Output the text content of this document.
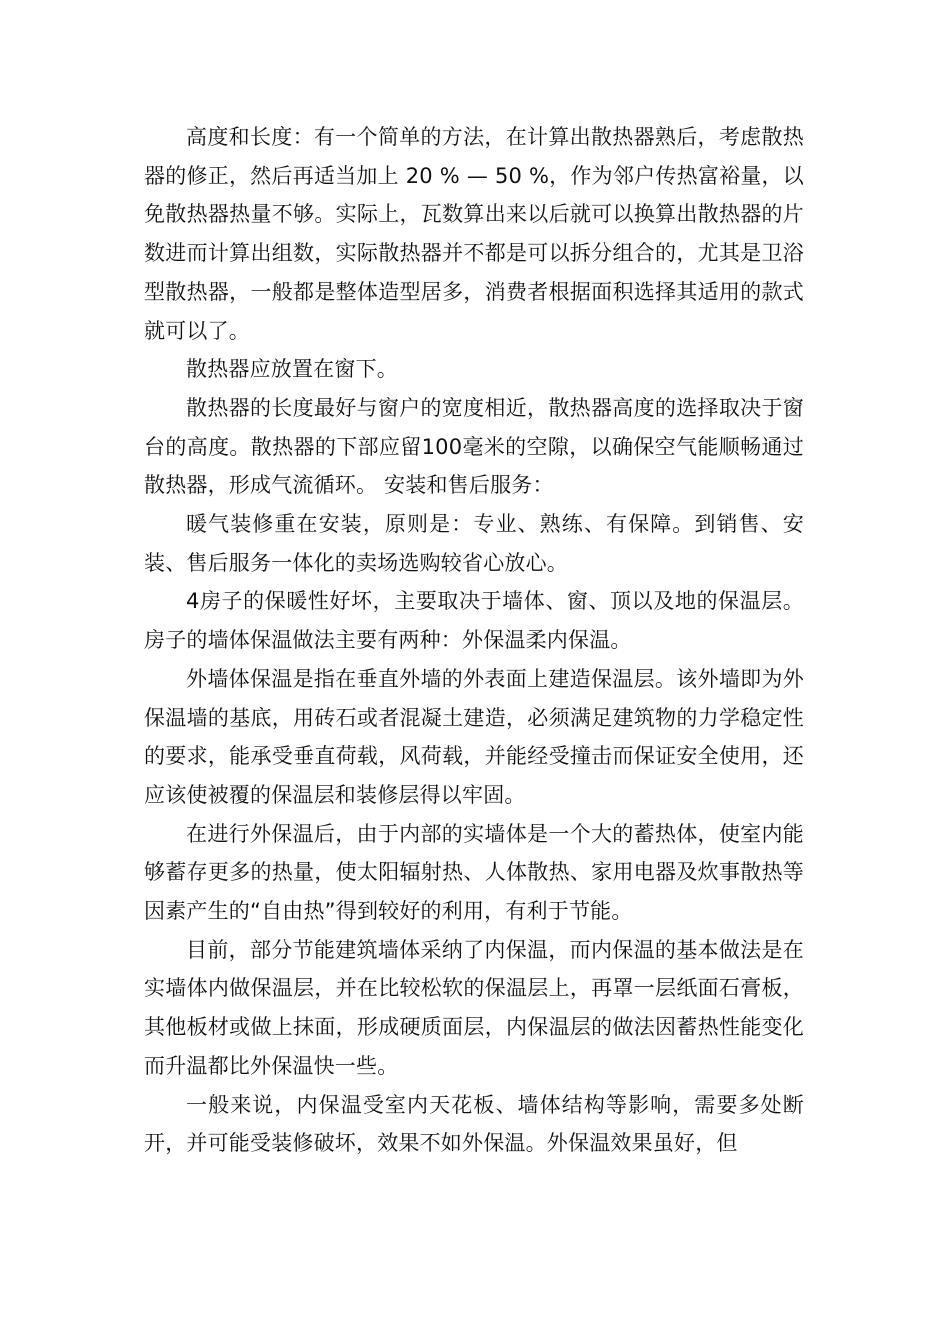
高度和长度：有一个简单的方法，在计算出散热器熟后，考虑散热器的修正，然后再适当加上 20 % — 50 %，作为邻户传热富裕量，以免散热器热量不够。实际上，瓦数算出来以后就可以换算出散热器的片数进而计算出组数，实际散热器并不都是可以拆分组合的，尤其是卫浴型散热器，一般都是整体造型居多，消费者根据面积选择其适用的款式就可以了。

散热器应放置在窗下。

散热器的长度最好与窗户的宽度相近，散热器高度的选择取决于窗台的高度。散热器的下部应留100毫米的空隙，以确保空气能顺畅通过散热器，形成气流循环。 安装和售后服务：

暖气装修重在安装，原则是：专业、熟练、有保障。到销售、安装、售后服务一体化的卖场选购较省心放心。

4房子的保暖性好坏，主要取决于墙体、窗、顶以及地的保温层。房子的墙体保温做法主要有两种：外保温柔内保温。

外墙体保温是指在垂直外墙的外表面上建造保温层。该外墙即为外保温墙的基底，用砖石或者混凝土建造，必须满足建筑物的力学稳定性的要求，能承受垂直荷载，风荷载，并能经受撞击而保证安全使用，还应该使被覆的保温层和装修层得以牢固。

在进行外保温后，由于内部的实墙体是一个大的蓄热体，使室内能够蓄存更多的热量，使太阳辐射热、人体散热、家用电器及炊事散热等因素产生的“自由热”得到较好的利用，有利于节能。

目前，部分节能建筑墙体采纳了内保温，而内保温的基本做法是在实墙体内做保温层，并在比较松软的保温层上，再罩一层纸面石膏板，其他板材或做上抹面，形成硬质面层，内保温层的做法因蓄热性能变化而升温都比外保温快一些。

一般来说，内保温受室内天花板、墙体结构等影响，需要多处断开，并可能受装修破坏，效果不如外保温。外保温效果虽好，但
